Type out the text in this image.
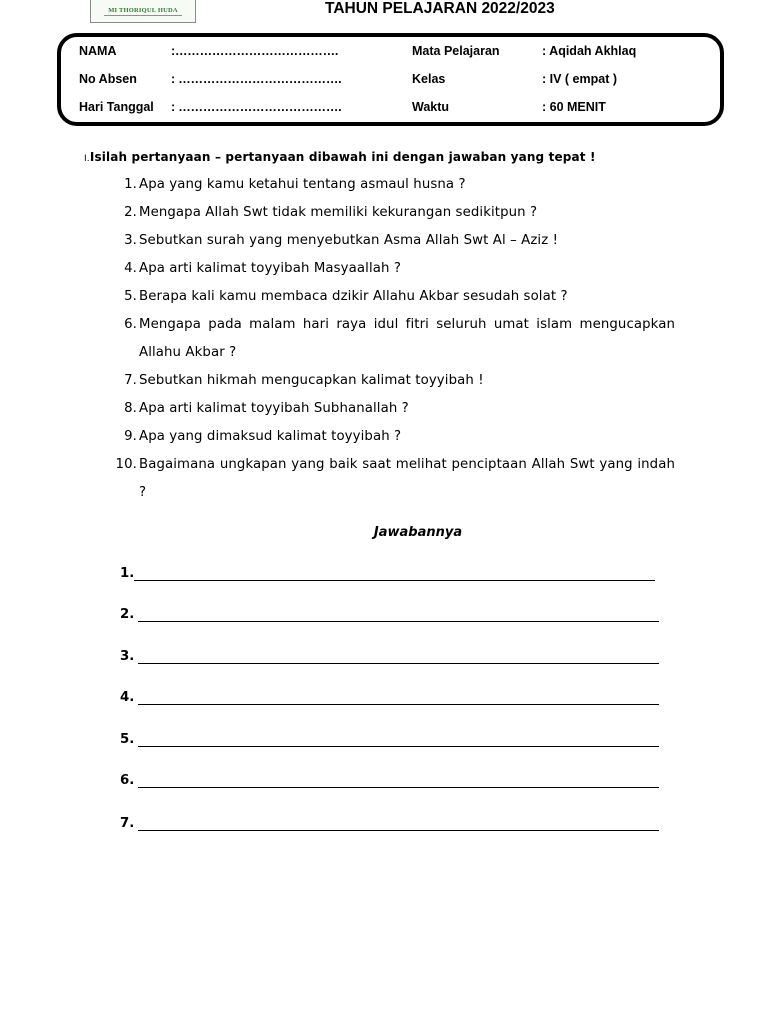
MI THORIQUL HUDA	TAHUN PELAJARAN 2022/2023
NAMA	:………………………………….	Mata Pelajaran	: Aqidah Akhlaq
No Absen	: ………………………………….	Kelas	: IV ( empat )
Hari Tanggal : ………………………………….	Waktu	: 60 MENIT
I.Isilah pertanyaan – pertanyaan dibawah ini dengan jawaban yang tepat !
1. Apa yang kamu ketahui tentang asmaul husna ?
2. Mengapa Allah Swt tidak memiliki kekurangan sedikitpun ?
3. Sebutkan surah yang menyebutkan Asma Allah Swt Al – Aziz !
4. Apa arti kalimat toyyibah Masyaallah ?
5. Berapa kali kamu membaca dzikir Allahu Akbar sesudah solat ?
6. Mengapa pada malam hari raya idul fitri seluruh umat islam mengucapkan Allahu Akbar ?
7. Sebutkan hikmah mengucapkan kalimat toyyibah !
8. Apa arti kalimat toyyibah Subhanallah ?
9. Apa yang dimaksud kalimat toyyibah ?
10. Bagaimana ungkapan yang baik saat melihat penciptaan Allah Swt yang indah ?
Jawabannya
1.
2.
3.
4.
5.
6.
7.
